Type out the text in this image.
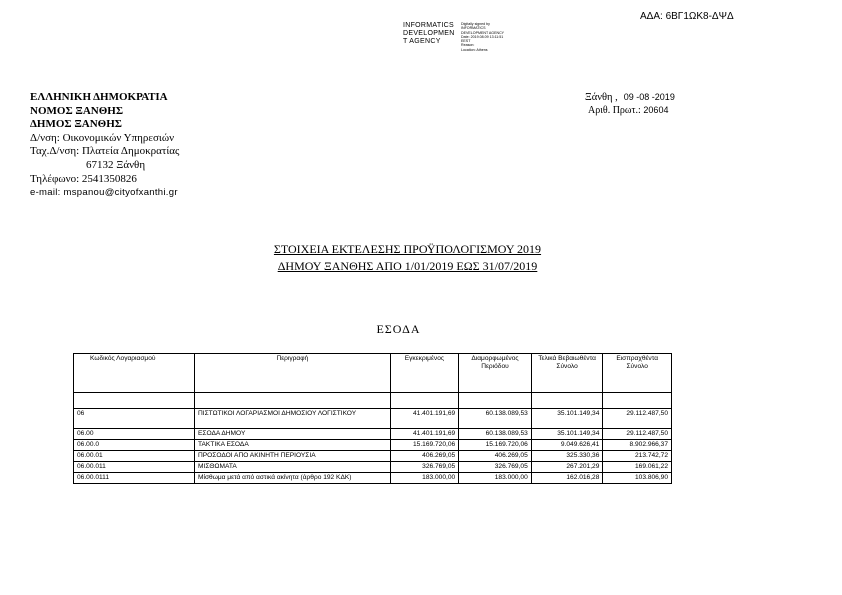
ΑΔΑ: 6ΒΓ1ΩΚ8-ΔΨΔ
INFORMATICS
DEVELOPMEN
T AGENCY
Digitally signed by
INFORMATICS
DEVELOPMENT AGENCY
Date: 2019.08.09 13:11:51
EEST
Reason:
Location: Athens
ΕΛΛΗΝΙΚΗ ΔΗΜΟΚΡΑΤΙΑ
ΝΟΜΟΣ ΞΑΝΘΗΣ
ΔΗΜΟΣ ΞΑΝΘΗΣ
Δ/νση: Οικονομικών Υπηρεσιών
Ταχ.Δ/νση: Πλατεία Δημοκρατίας
67132 Ξάνθη
Τηλέφωνο: 2541350826
e-mail: mspanou@cityofxanthi.gr
Ξάνθη , 09 -08 -2019
Αριθ. Πρωτ.: 20604
ΣΤΟΙΧΕΙΑ ΕΚΤΕΛΕΣΗΣ ΠΡΟΫΠΟΛΟΓΙΣΜΟΥ 2019
ΔΗΜΟΥ ΞΑΝΘΗΣ ΑΠΟ 1/01/2019 ΕΩΣ 31/07/2019
ΕΣΟΔΑ
Κωδικός Λογαριασμού	Περιγραφή	Εγκεκριμένος	Διαμορφωμένος Περιόδου	Τελικά Βεβαιωθέντα Σύνολο	Εισπραχθέντα Σύνολο

06	ΠΙΣΤΩΤΙΚΟΙ ΛΟΓΑΡΙΑΣΜΟΙ ΔΗΜΟΣΙΟΥ ΛΟΓΙΣΤΙΚΟΥ	41.401.191,69	60.138.089,53	35.101.149,34	29.112.487,50
06.00	ΕΣΟΔΑ ΔΗΜΟΥ	41.401.191,69	60.138.089,53	35.101.149,34	29.112.487,50
06.00.0	ΤΑΚΤΙΚΑ ΕΣΟΔΑ	15.169.720,06	15.169.720,06	9.049.626,41	8.902.966,37
06.00.01	ΠΡΟΣΟΔΟΙ ΑΠΟ ΑΚΙΝΗΤΗ ΠΕΡΙΟΥΣΙΑ	406.269,05	406.269,05	325.330,36	213.742,72
06.00.011	ΜΙΣΘΩΜΑΤΑ	326.769,05	326.769,05	267.201,29	169.061,22
06.00.0111	Μίσθωμα μετά από αστικά ακίνητα (άρθρο 192 ΚΔΚ)	183.000,00	183.000,00	162.016,28	103.806,90
